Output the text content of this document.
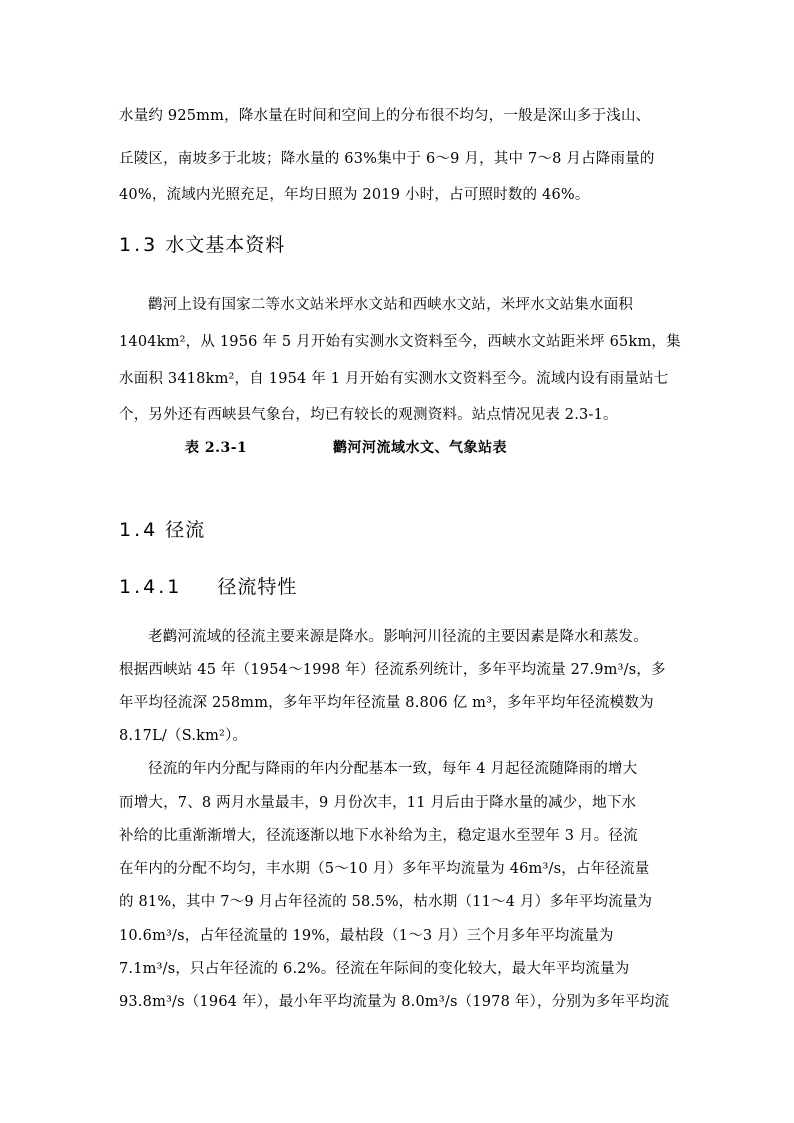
水量约 925mm，降水量在时间和空间上的分布很不均匀，一般是深山多于浅山、
丘陵区，南坡多于北坡；降水量的 63%集中于 6～9 月，其中 7～8 月占降雨量的
40%，流域内光照充足，年均日照为 2019 小时，占可照时数的 46%。
1.3 水文基本资料
鹳河上设有国家二等水文站米坪水文站和西峡水文站，米坪水文站集水面积
1404km²，从 1956 年 5 月开始有实测水文资料至今，西峡水文站距米坪 65km，集
水面积 3418km²，自 1954 年 1 月开始有实测水文资料至今。流域内设有雨量站七
个，另外还有西峡县气象台，均已有较长的观测资料。站点情况见表 2.3-1。
表 2.3-1	鹳河河流域水文、气象站表
1.4 径流
1.4.1 径流特性
老鹳河流域的径流主要来源是降水。影响河川径流的主要因素是降水和蒸发。
根据西峡站 45 年（1954～1998 年）径流系列统计，多年平均流量 27.9m³/s，多
年平均径流深 258mm，多年平均年径流量 8.806 亿 m³，多年平均年径流模数为
8.17L/（S.km²）。
径流的年内分配与降雨的年内分配基本一致，每年 4 月起径流随降雨的增大
而增大，7、8 两月水量最丰，9 月份次丰，11 月后由于降水量的减少，地下水
补给的比重渐渐增大，径流逐渐以地下水补给为主，稳定退水至翌年 3 月。径流
在年内的分配不均匀，丰水期（5～10 月）多年平均流量为 46m³/s，占年径流量
的 81%，其中 7～9 月占年径流的 58.5%，枯水期（11～4 月）多年平均流量为
10.6m³/s，占年径流量的 19%，最枯段（1～3 月）三个月多年平均流量为
7.1m³/s，只占年径流的 6.2%。径流在年际间的变化较大，最大年平均流量为
93.8m³/s（1964 年），最小年平均流量为 8.0m³/s（1978 年），分别为多年平均流
